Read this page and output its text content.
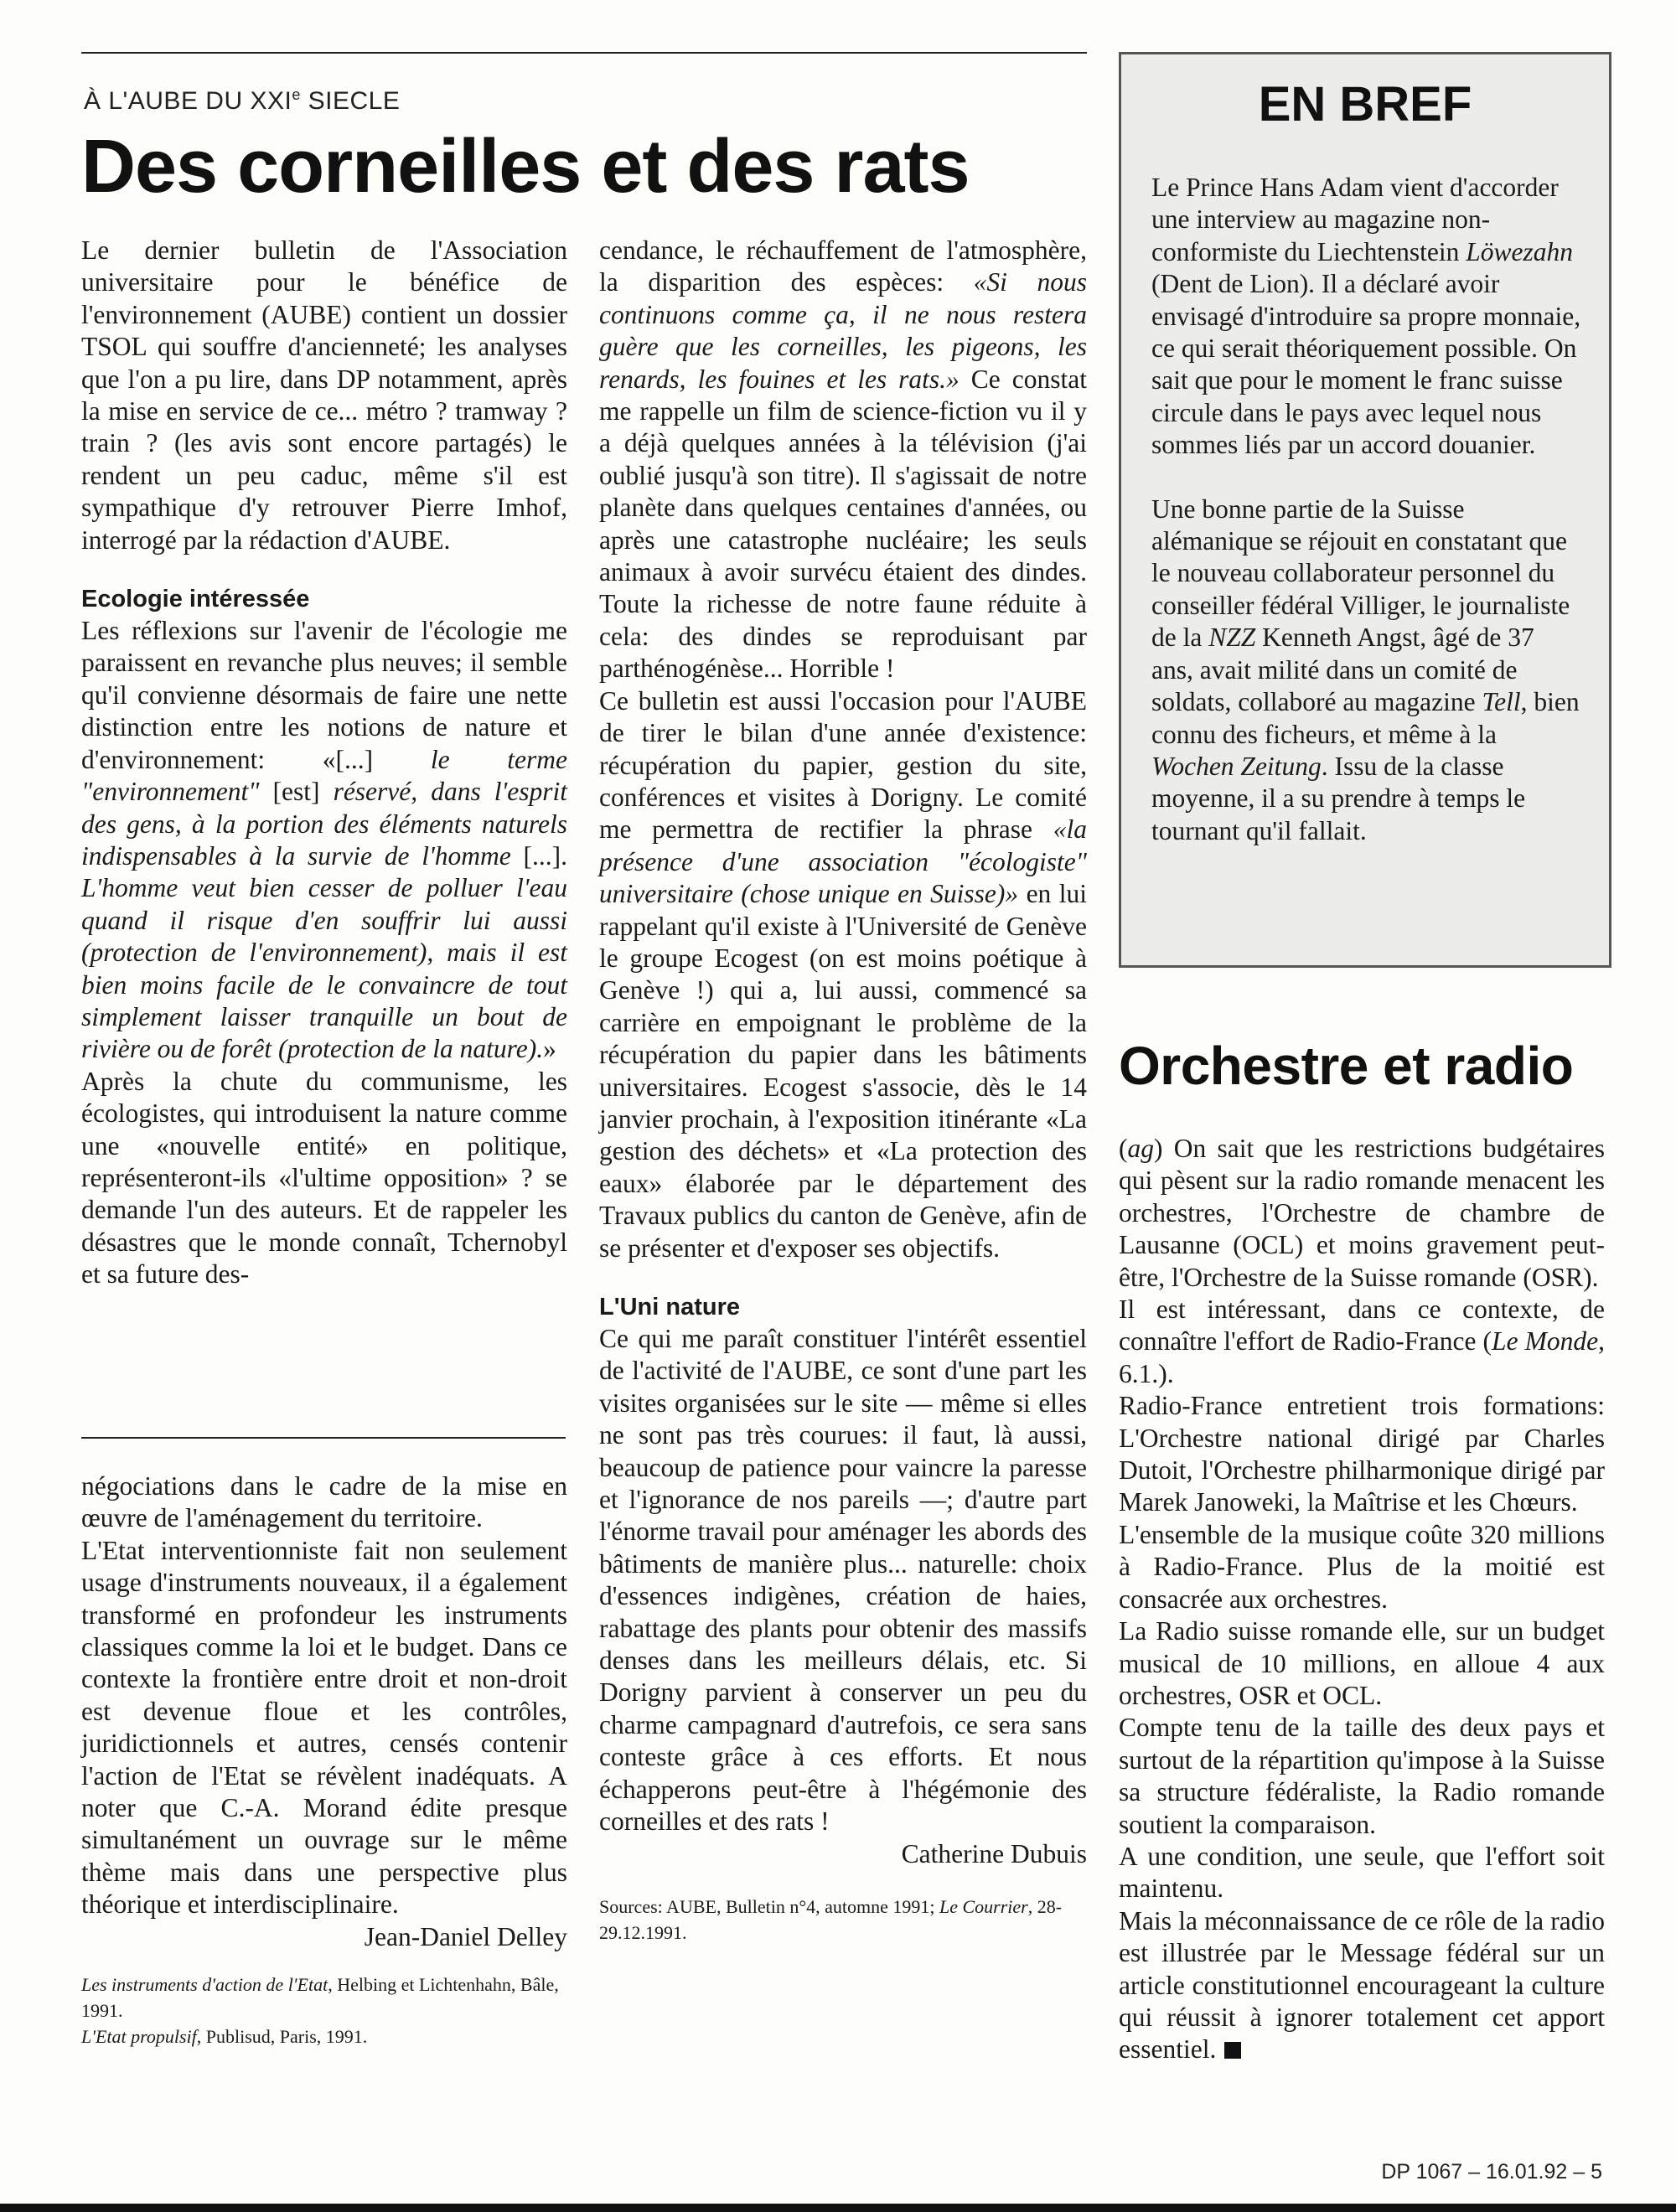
À L'AUBE DU XXIe SIECLE
Des corneilles et des rats

Le dernier bulletin de l'Association universitaire pour le bénéfice de l'environnement (AUBE) contient un dossier TSOL qui souffre d'ancienneté; les analyses que l'on a pu lire, dans DP notamment, après la mise en service de ce... métro ? tramway ? train ? (les avis sont encore partagés) le rendent un peu caduc, même s'il est sympathique d'y retrouver Pierre Imhof, interrogé par la rédaction d'AUBE.

Ecologie intéressée

Les réflexions sur l'avenir de l'écologie me paraissent en revanche plus neuves; il semble qu'il convienne désormais de faire une nette distinction entre les notions de nature et d'environnement: «[...] le terme "environnement" [est] réservé, dans l'esprit des gens, à la portion des éléments naturels indispensables à la survie de l'homme [...]. L'homme veut bien cesser de polluer l'eau quand il risque d'en souffrir lui aussi (protection de l'environnement), mais il est bien moins facile de le convaincre de tout simplement laisser tranquille un bout de rivière ou de forêt (protection de la nature).»

Après la chute du communisme, les écologistes, qui introduisent la nature comme une «nouvelle entité» en politique, représenteront-ils «l'ultime opposition» ? se demande l'un des auteurs. Et de rappeler les désastres que le monde connaît, Tchernobyl et sa future des-

cendance, le réchauffement de l'atmosphère, la disparition des espèces: «Si nous continuons comme ça, il ne nous restera guère que les corneilles, les pigeons, les renards, les fouines et les rats.» Ce constat me rappelle un film de science-fiction vu il y a déjà quelques années à la télévision (j'ai oublié jusqu'à son titre). Il s'agissait de notre planète dans quelques centaines d'années, ou après une catastrophe nucléaire; les seuls animaux à avoir survécu étaient des dindes. Toute la richesse de notre faune réduite à cela: des dindes se reproduisant par parthénogénèse... Horrible !

Ce bulletin est aussi l'occasion pour l'AUBE de tirer le bilan d'une année d'existence: récupération du papier, gestion du site, conférences et visites à Dorigny. Le comité me permettra de rectifier la phrase «la présence d'une association "écologiste" universitaire (chose unique en Suisse)» en lui rappelant qu'il existe à l'Université de Genève le groupe Ecogest (on est moins poétique à Genève !) qui a, lui aussi, commencé sa carrière en empoignant le problème de la récupération du papier dans les bâtiments universitaires. Ecogest s'associe, dès le 14 janvier prochain, à l'exposition itinérante «La gestion des déchets» et «La protection des eaux» élaborée par le département des Travaux publics du canton de Genève, afin de se présenter et d'exposer ses objectifs.

L'Uni nature

Ce qui me paraît constituer l'intérêt essentiel de l'activité de l'AUBE, ce sont d'une part les visites organisées sur le site — même si elles ne sont pas très courues: il faut, là aussi, beaucoup de patience pour vaincre la paresse et l'ignorance de nos pareils —; d'autre part l'énorme travail pour aménager les abords des bâtiments de manière plus... naturelle: choix d'essences indigènes, création de haies, rabattage des plants pour obtenir des massifs denses dans les meilleurs délais, etc. Si Dorigny parvient à conserver un peu du charme campagnard d'autrefois, ce sera sans conteste grâce à ces efforts. Et nous échapperons peut-être à l'hégémonie des corneilles et des rats !

Catherine Dubuis
Sources: AUBE, Bulletin n°4, automne 1991; Le Courrier, 28-29.12.1991.

négociations dans le cadre de la mise en œuvre de l'aménagement du territoire.

L'Etat interventionniste fait non seulement usage d'instruments nouveaux, il a également transformé en profondeur les instruments classiques comme la loi et le budget. Dans ce contexte la frontière entre droit et non-droit est devenue floue et les contrôles, juridictionnels et autres, censés contenir l'action de l'Etat se révèlent inadéquats. A noter que C.-A. Morand édite presque simultanément un ouvrage sur le même thème mais dans une perspective plus théorique et interdisciplinaire.

Jean-Daniel Delley
Les instruments d'action de l'Etat, Helbing et Lichtenhahn, Bâle, 1991.
L'Etat propulsif, Publisud, Paris, 1991.
EN BREF

Le Prince Hans Adam vient d'accorder une interview au magazine non-conformiste du Liechtenstein Löwezahn (Dent de Lion). Il a déclaré avoir envisagé d'introduire sa propre monnaie, ce qui serait théoriquement possible. On sait que pour le moment le franc suisse circule dans le pays avec lequel nous sommes liés par un accord douanier.

Une bonne partie de la Suisse alémanique se réjouit en constatant que le nouveau collaborateur personnel du conseiller fédéral Villiger, le journaliste de la NZZ Kenneth Angst, âgé de 37 ans, avait milité dans un comité de soldats, collaboré au magazine Tell, bien connu des ficheurs, et même à la Wochen Zeitung. Issu de la classe moyenne, il a su prendre à temps le tournant qu'il fallait.

Orchestre et radio

(ag) On sait que les restrictions budgétaires qui pèsent sur la radio romande menacent les orchestres, l'Orchestre de chambre de Lausanne (OCL) et moins gravement peut-être, l'Orchestre de la Suisse romande (OSR).

Il est intéressant, dans ce contexte, de connaître l'effort de Radio-France (Le Monde, 6.1.).

Radio-France entretient trois formations: L'Orchestre national dirigé par Charles Dutoit, l'Orchestre philharmonique dirigé par Marek Janoweki, la Maîtrise et les Chœurs.

L'ensemble de la musique coûte 320 millions à Radio-France. Plus de la moitié est consacrée aux orchestres.

La Radio suisse romande elle, sur un budget musical de 10 millions, en alloue 4 aux orchestres, OSR et OCL.

Compte tenu de la taille des deux pays et surtout de la répartition qu'impose à la Suisse sa structure fédéraliste, la Radio romande soutient la comparaison.

A une condition, une seule, que l'effort soit maintenu.

Mais la méconnaissance de ce rôle de la radio est illustrée par le Message fédéral sur un article constitutionnel encourageant la culture qui réussit à ignorer totalement cet apport essentiel.

DP 1067 – 16.01.92 – 5
